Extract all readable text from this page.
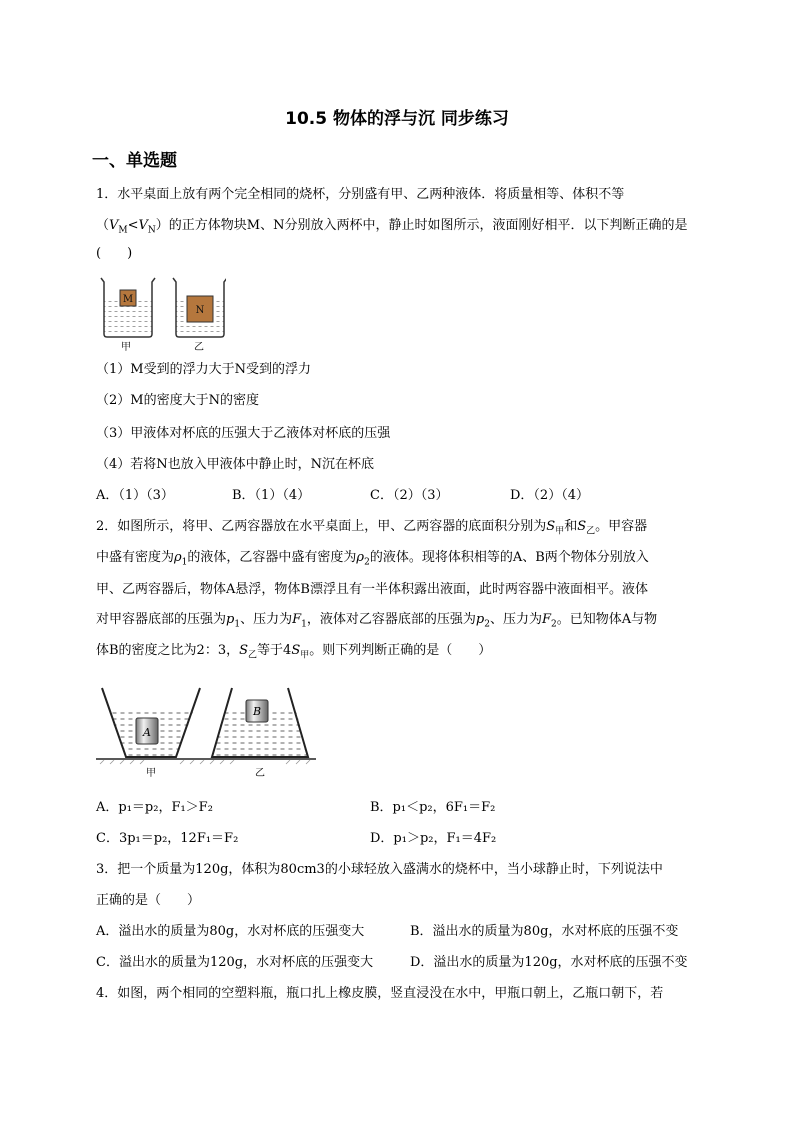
10.5 物体的浮与沉 同步练习
一、单选题
1．水平桌面上放有两个完全相同的烧杯，分别盛有甲、乙两种液体．将质量相等、体积不等
$(V_M<V_N)$的正方体物块M、N分别放入两杯中，静止时如图所示，液面刚好相平．以下判断正确的是
(　　)
M
N
甲	乙
（1）M受到的浮力大于N受到的浮力
（2）M的密度大于N的密度
（3）甲液体对杯底的压强大于乙液体对杯底的压强
（4）若将N也放入甲液体中静止时，N沉在杯底
A．（1）（3）	B．（1）（4）	C．（2）（3）	D．（2）（4）
2．如图所示，将甲、乙两容器放在水平桌面上，甲、乙两容器的底面积分别为$S_甲$和$S_乙$。甲容器
中盛有密度为$\rho_1$的液体，乙容器中盛有密度为$\rho_2$的液体。现将体积相等的A、B两个物体分别放入
甲、乙两容器后，物体A悬浮，物体B漂浮且有一半体积露出液面，此时两容器中液面相平。液体
对甲容器底部的压强为$p_1$、压力为$F_1$，液体对乙容器底部的压强为$p_2$、压力为$F_2$。已知物体A与物
体B的密度之比为2：3，$S_乙$等于$4S_甲$。则下列判断正确的是（　　）
A
B
甲	乙
A．p₁＝p₂，F₁＞F₂	B．p₁＜p₂，6F₁＝F₂
C．3p₁＝p₂，12F₁＝F₂	D．p₁＞p₂，F₁＝4F₂
3．把一个质量为120g，体积为80cm3的小球轻放入盛满水的烧杯中，当小球静止时，下列说法中
正确的是（　　）
A．溢出水的质量为80g，水对杯底的压强变大	B．溢出水的质量为80g，水对杯底的压强不变
C．溢出水的质量为120g，水对杯底的压强变大	D．溢出水的质量为120g，水对杯底的压强不变
4．如图，两个相同的空塑料瓶，瓶口扎上橡皮膜，竖直浸没在水中，甲瓶口朝上，乙瓶口朝下，若
